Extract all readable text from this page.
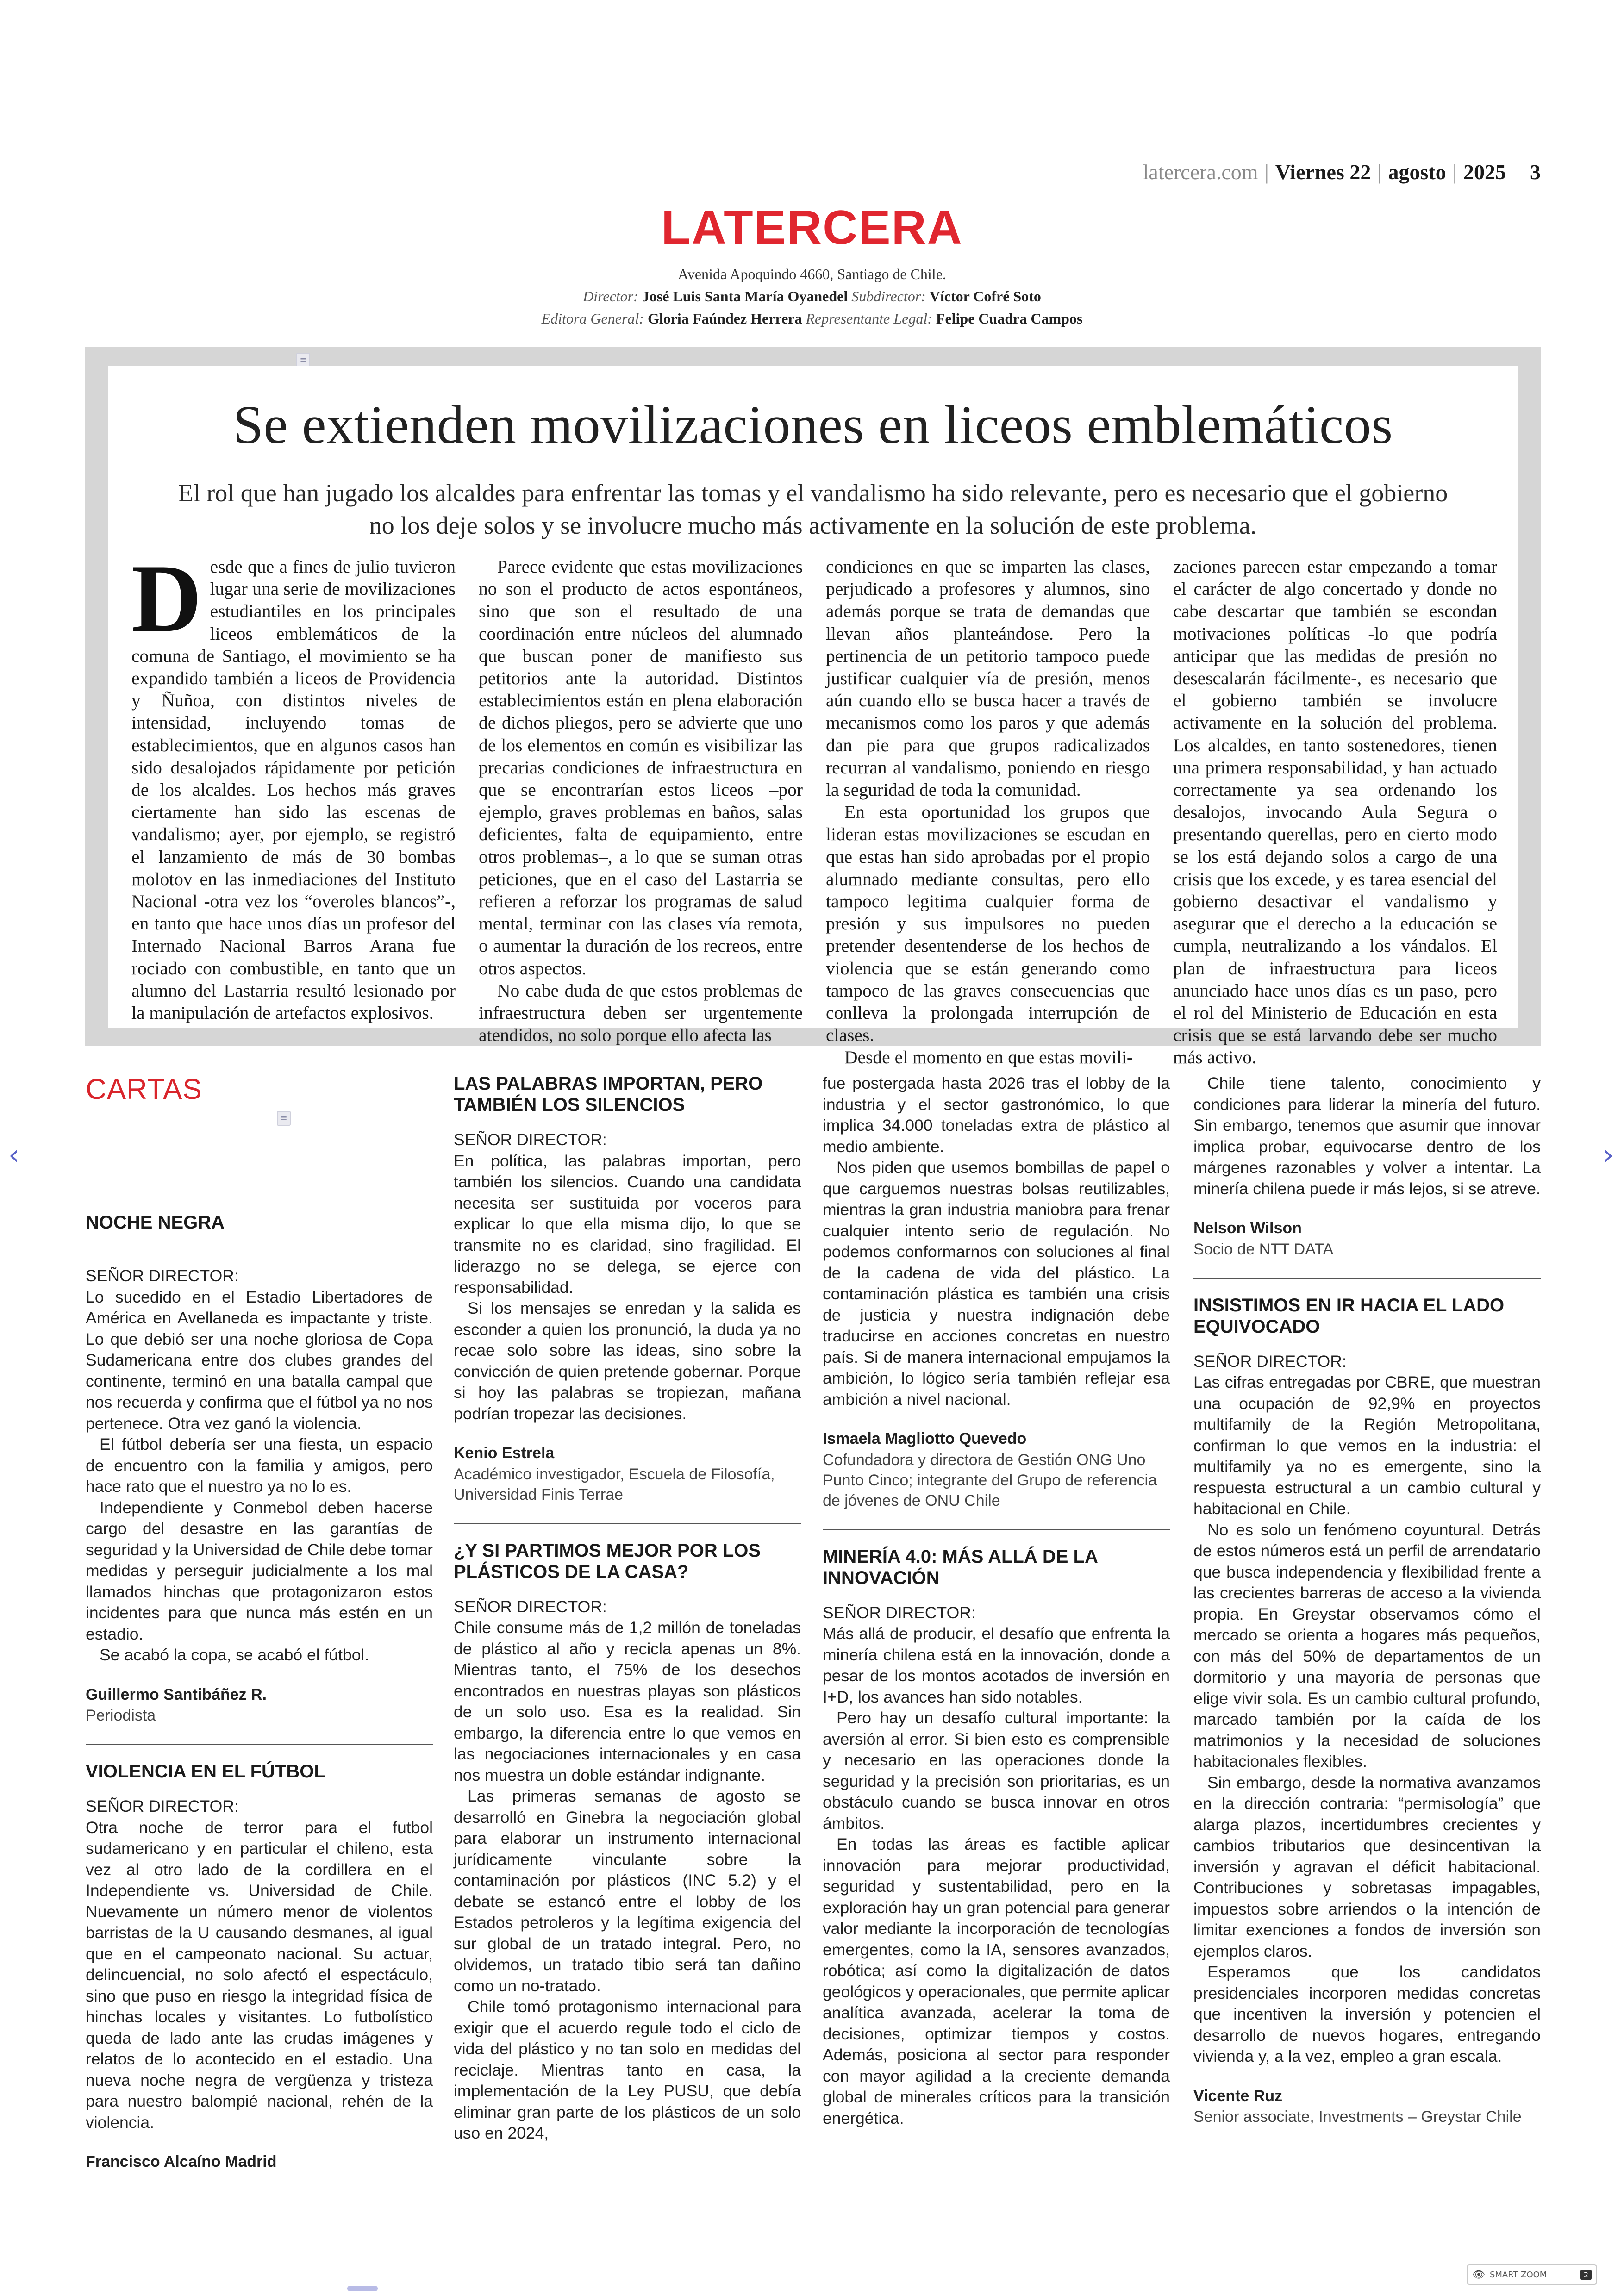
latercera.com | Viernes 22 | agosto | 2025 3
LATERCERA
Avenida Apoquindo 4660, Santiago de Chile.
Director: José Luis Santa María Oyanedel Subdirector: Víctor Cofré Soto
Editora General: Gloria Faúndez Herrera Representante Legal: Felipe Cuadra Campos
≡
Se extienden movilizaciones en liceos emblemáticos
El rol que han jugado los alcaldes para enfrentar las tomas y el vandalismo ha sido relevante, pero es necesario que el gobierno no los deje solos y se involucre mucho más activamente en la solución de este problema.
D esde que a fines de julio tuvieron lugar una serie de movilizaciones estudiantiles en los principales liceos emblemáticos de la comuna de Santiago, el movimiento se ha expandido también a liceos de Providencia y Ñuñoa, con distintos niveles de intensidad, incluyendo tomas de establecimientos, que en algunos casos han sido desalojados rápidamente por petición de los alcaldes. Los hechos más graves ciertamente han sido las escenas de vandalismo; ayer, por ejemplo, se registró el lanzamiento de más de 30 bombas molotov en las inmediaciones del Instituto Nacional -otra vez los “overoles blancos”-, en tanto que hace unos días un profesor del Internado Nacional Barros Arana fue rociado con combustible, en tanto que un alumno del Lastarria resultó lesionado por la manipulación de artefactos explosivos.

Parece evidente que estas movilizaciones no son el producto de actos espontáneos, sino que son el resultado de una coordinación entre núcleos del alumnado que buscan poner de manifiesto sus petitorios ante la autoridad. Distintos establecimientos están en plena elaboración de dichos pliegos, pero se advierte que uno de los elementos en común es visibilizar las precarias condiciones de infraestructura en que se encontrarían estos liceos –por ejemplo, graves problemas en baños, salas deficientes, falta de equipamiento, entre otros problemas–, a lo que se suman otras peticiones, que en el caso del Lastarria se refieren a reforzar los programas de salud mental, terminar con las clases vía remota, o aumentar la duración de los recreos, entre otros aspectos.

No cabe duda de que estos problemas de infraestructura deben ser urgentemente atendidos, no solo porque ello afecta las

condiciones en que se imparten las clases, perjudicado a profesores y alumnos, sino además porque se trata de demandas que llevan años planteándose. Pero la pertinencia de un petitorio tampoco puede justificar cualquier vía de presión, menos aún cuando ello se busca hacer a través de mecanismos como los paros y que además dan pie para que grupos radicalizados recurran al vandalismo, poniendo en riesgo la seguridad de toda la comunidad.

En esta oportunidad los grupos que lideran estas movilizaciones se escudan en que estas han sido aprobadas por el propio alumnado mediante consultas, pero ello tampoco legitima cualquier forma de presión y sus impulsores no pueden pretender desentenderse de los hechos de violencia que se están generando como tampoco de las graves consecuencias que conlleva la prolongada interrupción de clases.

Desde el momento en que estas movili-

zaciones parecen estar empezando a tomar el carácter de algo concertado y donde no cabe descartar que también se escondan motivaciones políticas -lo que podría anticipar que las medidas de presión no desescalarán fácilmente-, es necesario que el gobierno también se involucre activamente en la solución del problema. Los alcaldes, en tanto sostenedores, tienen una primera responsabilidad, y han actuado correctamente ya sea ordenando los desalojos, invocando Aula Segura o presentando querellas, pero en cierto modo se los está dejando solos a cargo de una crisis que los excede, y es tarea esencial del gobierno desactivar el vandalismo y asegurar que el derecho a la educación se cumpla, neutralizando a los vándalos. El plan de infraestructura para liceos anunciado hace unos días es un paso, pero el rol del Ministerio de Educación en esta crisis que se está larvando debe ser mucho más activo.

CARTAS
≡
NOCHE NEGRA
SEÑOR DIRECTOR:

Lo sucedido en el Estadio Libertadores de América en Avellaneda es impactante y triste. Lo que debió ser una noche gloriosa de Copa Sudamericana entre dos clubes grandes del continente, terminó en una batalla campal que nos recuerda y confirma que el fútbol ya no nos pertenece. Otra vez ganó la violencia.

El fútbol debería ser una fiesta, un espacio de encuentro con la familia y amigos, pero hace rato que el nuestro ya no lo es.

Independiente y Conmebol deben hacerse cargo del desastre en las garantías de seguridad y la Universidad de Chile debe tomar medidas y perseguir judicialmente a los mal llamados hinchas que protagonizaron estos incidentes para que nunca más estén en un estadio.

Se acabó la copa, se acabó el fútbol.

Guillermo Santibáñez R.
Periodista
VIOLENCIA EN EL FÚTBOL
SEÑOR DIRECTOR:

Otra noche de terror para el futbol sudamericano y en particular el chileno, esta vez al otro lado de la cordillera en el Independiente vs. Universidad de Chile. Nuevamente un número menor de violentos barristas de la U causando desmanes, al igual que en el campeonato nacional. Su actuar, delincuencial, no solo afectó el espectáculo, sino que puso en riesgo la integridad física de hinchas locales y visitantes. Lo futbolístico queda de lado ante las crudas imágenes y relatos de lo acontecido en el estadio. Una nueva noche negra de vergüenza y tristeza para nuestro balompié nacional, rehén de la violencia.

Francisco Alcaíno Madrid
LAS PALABRAS IMPORTAN, PERO TAMBIÉN LOS SILENCIOS
SEÑOR DIRECTOR:

En política, las palabras importan, pero también los silencios. Cuando una candidata necesita ser sustituida por voceros para explicar lo que ella misma dijo, lo que se transmite no es claridad, sino fragilidad. El liderazgo no se delega, se ejerce con responsabilidad.

Si los mensajes se enredan y la salida es esconder a quien los pronunció, la duda ya no recae solo sobre las ideas, sino sobre la convicción de quien pretende gobernar. Porque si hoy las palabras se tropiezan, mañana podrían tropezar las decisiones.

Kenio Estrela
Académico investigador, Escuela de Filosofía, Universidad Finis Terrae
¿Y SI PARTIMOS MEJOR POR LOS PLÁSTICOS DE LA CASA?
SEÑOR DIRECTOR:

Chile consume más de 1,2 millón de toneladas de plástico al año y recicla apenas un 8%. Mientras tanto, el 75% de los desechos encontrados en nuestras playas son plásticos de un solo uso. Esa es la realidad. Sin embargo, la diferencia entre lo que vemos en las negociaciones internacionales y en casa nos muestra un doble estándar indignante.

Las primeras semanas de agosto se desarrolló en Ginebra la negociación global para elaborar un instrumento internacional jurídicamente vinculante sobre la contaminación por plásticos (INC 5.2) y el debate se estancó entre el lobby de los Estados petroleros y la legítima exigencia del sur global de un tratado integral. Pero, no olvidemos, un tratado tibio será tan dañino como un no-tratado.

Chile tomó protagonismo internacional para exigir que el acuerdo regule todo el ciclo de vida del plástico y no tan solo en medidas del reciclaje. Mientras tanto en casa, la implementación de la Ley PUSU, que debía eliminar gran parte de los plásticos de un solo uso en 2024,

fue postergada hasta 2026 tras el lobby de la industria y el sector gastronómico, lo que implica 34.000 toneladas extra de plástico al medio ambiente.

Nos piden que usemos bombillas de papel o que carguemos nuestras bolsas reutilizables, mientras la gran industria maniobra para frenar cualquier intento serio de regulación. No podemos conformarnos con soluciones al final de la cadena de vida del plástico. La contaminación plástica es también una crisis de justicia y nuestra indignación debe traducirse en acciones concretas en nuestro país. Si de manera internacional empujamos la ambición, lo lógico sería también reflejar esa ambición a nivel nacional.

Ismaela Magliotto Quevedo
Cofundadora y directora de Gestión ONG Uno Punto Cinco; integrante del Grupo de referencia de jóvenes de ONU Chile
MINERÍA 4.0: MÁS ALLÁ DE LA INNOVACIÓN
SEÑOR DIRECTOR:

Más allá de producir, el desafío que enfrenta la minería chilena está en la innovación, donde a pesar de los montos acotados de inversión en I+D, los avances han sido notables.

Pero hay un desafío cultural importante: la aversión al error. Si bien esto es comprensible y necesario en las operaciones donde la seguridad y la precisión son prioritarias, es un obstáculo cuando se busca innovar en otros ámbitos.

En todas las áreas es factible aplicar innovación para mejorar productividad, seguridad y sustentabilidad, pero en la exploración hay un gran potencial para generar valor mediante la incorporación de tecnologías emergentes, como la IA, sensores avanzados, robótica; así como la digitalización de datos geológicos y operacionales, que permite aplicar analítica avanzada, acelerar la toma de decisiones, optimizar tiempos y costos. Además, posiciona al sector para responder con mayor agilidad a la creciente demanda global de minerales críticos para la transición energética.

Chile tiene talento, conocimiento y condiciones para liderar la minería del futuro. Sin embargo, tenemos que asumir que innovar implica probar, equivocarse dentro de los márgenes razonables y volver a intentar. La minería chilena puede ir más lejos, si se atreve.

Nelson Wilson
Socio de NTT DATA
INSISTIMOS EN IR HACIA EL LADO EQUIVOCADO
SEÑOR DIRECTOR:

Las cifras entregadas por CBRE, que muestran una ocupación de 92,9% en proyectos multifamily de la Región Metropolitana, confirman lo que vemos en la industria: el multifamily ya no es emergente, sino la respuesta estructural a un cambio cultural y habitacional en Chile.

No es solo un fenómeno coyuntural. Detrás de estos números está un perfil de arrendatario que busca independencia y flexibilidad frente a las crecientes barreras de acceso a la vivienda propia. En Greystar observamos cómo el mercado se orienta a hogares más pequeños, con más del 50% de departamentos de un dormitorio y una mayoría de personas que elige vivir sola. Es un cambio cultural profundo, marcado también por la caída de los matrimonios y la necesidad de soluciones habitacionales flexibles.

Sin embargo, desde la normativa avanzamos en la dirección contraria: “permisología” que alarga plazos, incertidumbres crecientes y cambios tributarios que desincentivan la inversión y agravan el déficit habitacional. Contribuciones y sobretasas impagables, impuestos sobre arriendos o la intención de limitar exenciones a fondos de inversión son ejemplos claros.

Esperamos que los candidatos presidenciales incorporen medidas concretas que incentiven la inversión y potencien el desarrollo de nuevos hogares, entregando vivienda y, a la vez, empleo a gran escala.

Vicente Ruz
Senior associate, Investments – Greystar Chile
‹	›
👁 SMART ZOOM	2
